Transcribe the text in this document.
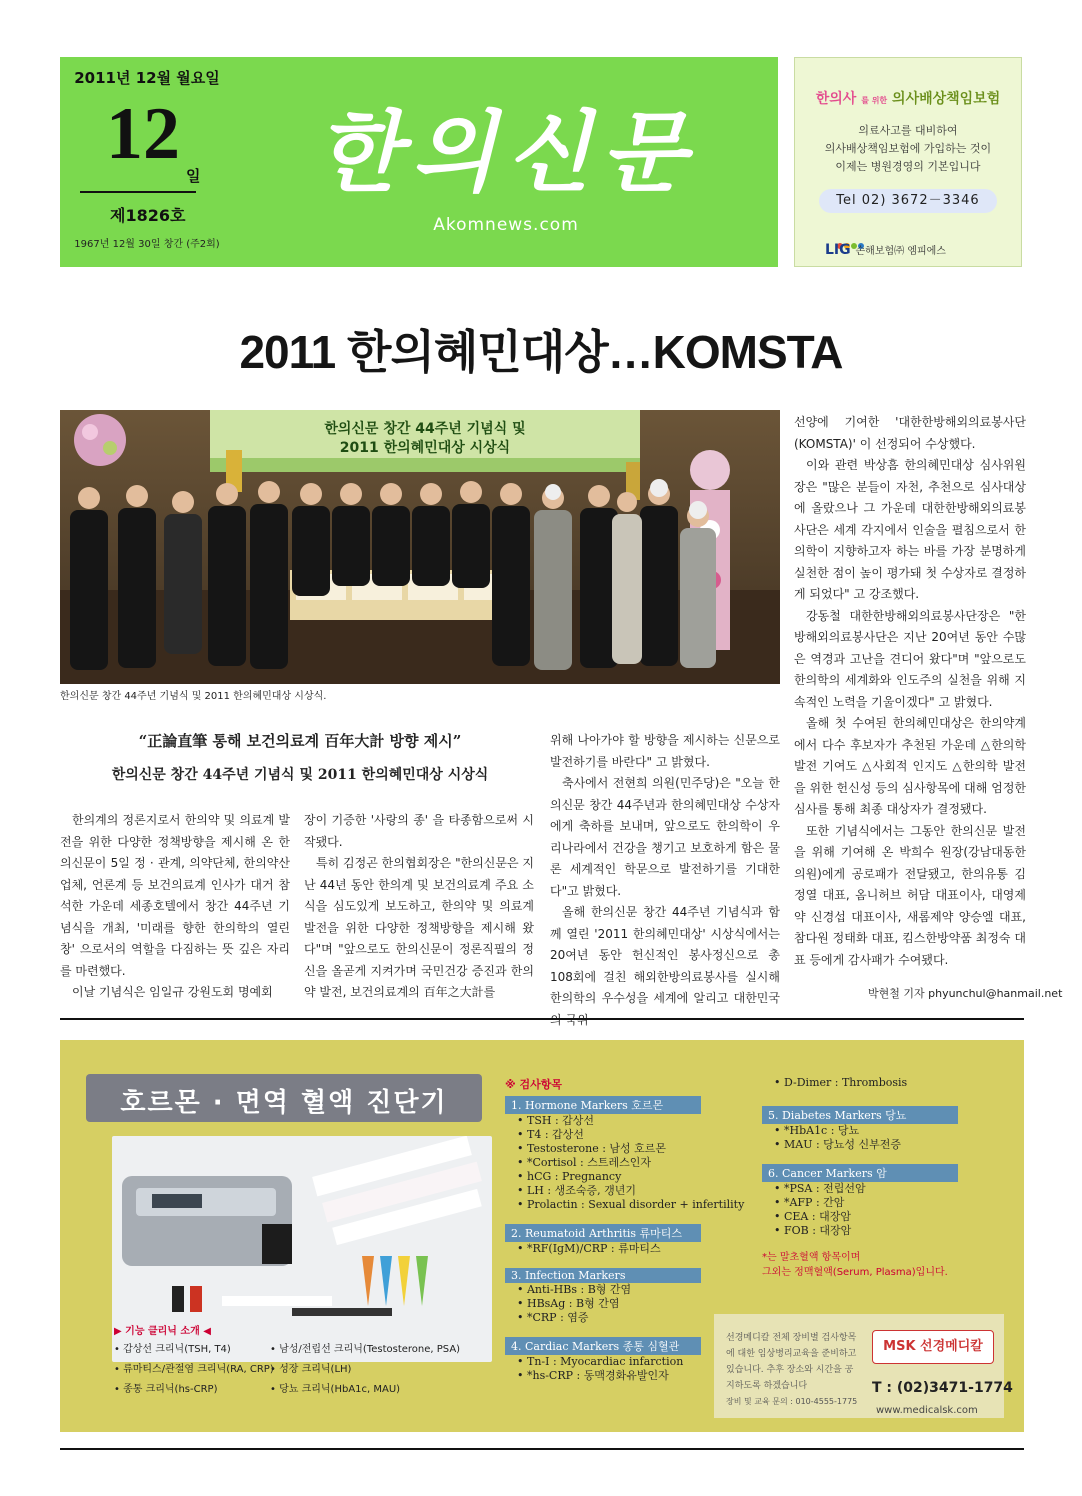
2011년 12월 월요일
12
일
제1826호
1967년 12월 30일 창간 (주2회)
한의신문
Akomnews.com
한의사 를 위한 의사배상책임보험
의료사고를 대비하여
의사배상책임보험에 가입하는 것이
이제는 병원경영의 기본입니다
Tel 02) 3672－3346
LIG 손해보험㈜ 엠피에스
2011 한의혜민대상…KOMSTA
한의신문 창간 44주년 기념식 및
2011 한의혜민대상 시상식
한의신문 창간 44주년 기념식 및 2011 한의혜민대상 시상식.

선양에 기여한 '대한한방해외의료봉사단(KOMSTA)' 이 선정되어 수상했다.

이와 관련 박상흠 한의혜민대상 심사위원장은 "많은 분들이 자천, 추천으로 심사대상에 올랐으나 그 가운데 대한한방해외의료봉사단은 세계 각지에서 인술을 펼침으로서 한의학이 지향하고자 하는 바를 가장 분명하게 실천한 점이 높이 평가돼 첫 수상자로 결정하게 되었다" 고 강조했다.

강동철 대한한방해외의료봉사단장은 "한방해외의료봉사단은 지난 20여년 동안 수많은 역경과 고난을 견디어 왔다"며 "앞으로도 한의학의 세계화와 인도주의 실천을 위해 지속적인 노력을 기울이겠다" 고 밝혔다.

올해 첫 수여된 한의혜민대상은 한의약계에서 다수 후보자가 추천된 가운데 △한의학 발전 기여도 △사회적 인지도 △한의학 발전을 위한 헌신성 등의 심사항목에 대해 엄정한 심사를 통해 최종 대상자가 결정됐다.

또한 기념식에서는 그동안 한의신문 발전을 위해 기여해 온 박희수 원장(강남대동한의원)에게 공로패가 전달됐고, 한의유통 김정열 대표, 옴니허브 허담 대표이사, 대영제약 신경섭 대표이사, 새롬제약 양승엘 대표, 참다원 정태화 대표, 킴스한방약품 최정숙 대표 등에게 감사패가 수여됐다.

“正論直筆 통해 보건의료계 百年大計 방향 제시”
한의신문 창간 44주년 기념식 및 2011 한의혜민대상 시상식

한의계의 정론지로서 한의약 및 의료계 발전을 위한 다양한 정책방향을 제시해 온 한의신문이 5일 정 · 관계, 의약단체, 한의약산업체, 언론계 등 보건의료계 인사가 대거 참석한 가운데 세종호텔에서 창간 44주년 기념식을 개최, '미래를 향한 한의학의 열린 창' 으로서의 역할을 다짐하는 뜻 깊은 자리를 마련했다.

이날 기념식은 임일규 강원도회 명예회

장이 기증한 '사랑의 종' 을 타종함으로써 시작됐다.

특히 김정곤 한의협회장은 "한의신문은 지난 44년 동안 한의계 및 보건의료계 주요 소식을 심도있게 보도하고, 한의약 및 의료계 발전을 위한 다양한 정책방향을 제시해 왔다"며 "앞으로도 한의신문이 정론직필의 정신을 올곧게 지켜가며 국민건강 증진과 한의약 발전, 보건의료계의 百年之大計를

위해 나아가야 할 방향을 제시하는 신문으로 발전하기를 바란다" 고 밝혔다.

축사에서 전현희 의원(민주당)은 "오늘 한의신문 창간 44주년과 한의혜민대상 수상자에게 축하를 보내며, 앞으로도 한의학이 우리나라에서 건강을 챙기고 보호하게 함은 물론 세계적인 학문으로 발전하기를 기대한다"고 밝혔다.

올해 한의신문 창간 44주년 기념식과 함께 열린 '2011 한의혜민대상' 시상식에서는 20여년 동안 헌신적인 봉사정신으로 총 108회에 걸친 해외한방의료봉사를 실시해 한의학의 우수성을 세계에 알리고 대한민국의 국위

박현철 기자 phyunchul@hanmail.net
호르몬 · 면역 혈액 진단기
▶ 기능 클리닉 소개 ◀
• 갑상선 크리닉(TSH, T4)
• 류마티스/관절염 크리닉(RA, CRP)
• 종통 크리닉(hs-CRP)
• 남성/전립선 크리닉(Testosterone, PSA)
• 성장 크리닉(LH)
• 당뇨 크리닉(HbA1c, MAU)
※ 검사항목
1. Hormone Markers 호르몬
• TSH : 갑상선
• T4 : 갑상선
• Testosterone : 남성 호르몬
• *Cortisol : 스트레스인자
• hCG : Pregnancy
• LH : 생조숙증, 갱년기
• Prolactin : Sexual disorder + infertility
2. Reumatoid Arthritis 류마티스
• *RF(IgM)/CRP : 류마티스
3. Infection Markers
• Anti-HBs : B형 간염
• HBsAg : B형 간염
• *CRP : 염증
4. Cardiac Markers 종통 심혈관
• Tn-I : Myocardiac infarction
• *hs-CRP : 동맥경화유발인자
• D-Dimer : Thrombosis
5. Diabetes Markers 당뇨
• *HbA1c : 당뇨
• MAU : 당뇨성 신부전증
6. Cancer Markers 암
• *PSA : 전립선암
• *AFP : 간암
• CEA : 대장암
• FOB : 대장암
*는 말초혈액 항목이며
그외는 정맥혈액(Serum, Plasma)입니다.
선경메디칼 전체 장비별 검사항목에 대한 임상병리교육을 준비하고 있습니다. 추후 장소와 시간을 공지하도록 하겠습니다
장비 및 교육 문의 : 010-4555-1775
MSK 선경메디칼
T : (02)3471-1774
www.medicalsk.com
